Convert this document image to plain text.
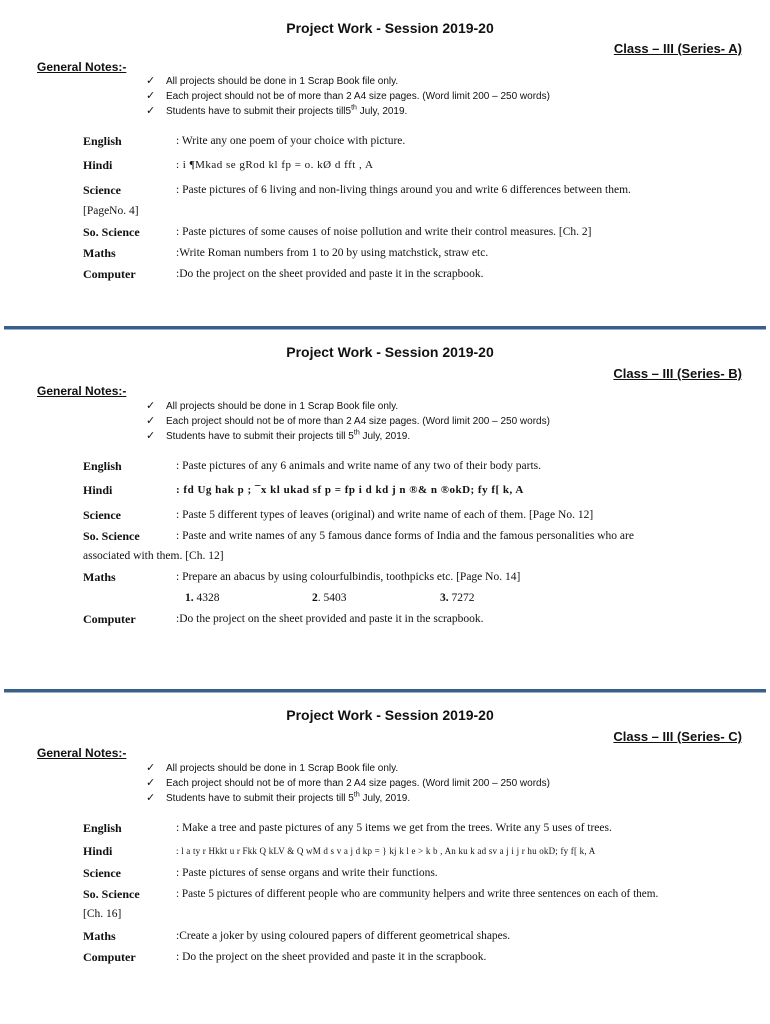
Project Work - Session 2019-20
Class – III (Series- A)
General Notes:-
✓ All projects should be done in 1 Scrap Book file only.
✓ Each project should not be of more than 2 A4 size pages. (Word limit 200 – 250 words)
✓ Students have to submit their projects till5th July, 2019.
English	: Write any one poem of your choice with picture.
Hindi	: i ¶Mkad se gRod kl fp = o. kØ d fft , A
Science	: Paste pictures of 6 living and non-living things around you and write 6 differences between them.
[PageNo. 4]
So. Science	: Paste pictures of some causes of noise pollution and write their control measures. [Ch. 2]
Maths	:Write Roman numbers from 1 to 20 by using matchstick, straw etc.
Computer	:Do the project on the sheet provided and paste it in the scrapbook.
Project Work - Session 2019-20
Class – III (Series- B)
General Notes:-
✓ All projects should be done in 1 Scrap Book file only.
✓ Each project should not be of more than 2 A4 size pages. (Word limit 200 – 250 words)
✓ Students have to submit their projects till 5th July, 2019.
English	: Paste pictures of any 6 animals and write name of any two of their body parts.
Hindi	: fd Ug hak p ; ¯x kl ukad sf p = fp i d kd j n ®& n ®okD; fy f[ k, A
Science	: Paste 5 different types of leaves (original) and write name of each of them. [Page No. 12]
So. Science	: Paste and write names of any 5 famous dance forms of India and the famous personalities who are
associated with them. [Ch. 12]
Maths	: Prepare an abacus by using colourfulbindis, toothpicks etc. [Page No. 14]
1. 4328	2. 5403	3. 7272
Computer	:Do the project on the sheet provided and paste it in the scrapbook.
Project Work - Session 2019-20
Class – III (Series- C)
General Notes:-
✓ All projects should be done in 1 Scrap Book file only.
✓ Each project should not be of more than 2 A4 size pages. (Word limit 200 – 250 words)
✓ Students have to submit their projects till 5th July, 2019.
English	: Make a tree and paste pictures of any 5 items we get from the trees. Write any 5 uses of trees.
Hindi	: l a ty r Hkkt u r Fkk Q kLV & Q wM d s v a j d kp = } kj k l e > k b , An ku k ad sv a j i j r hu okD; fy f[ k, A
Science	: Paste pictures of sense organs and write their functions.
So. Science	: Paste 5 pictures of different people who are community helpers and write three sentences on each of them.
[Ch. 16]
Maths	:Create a joker by using coloured papers of different geometrical shapes.
Computer	: Do the project on the sheet provided and paste it in the scrapbook.
